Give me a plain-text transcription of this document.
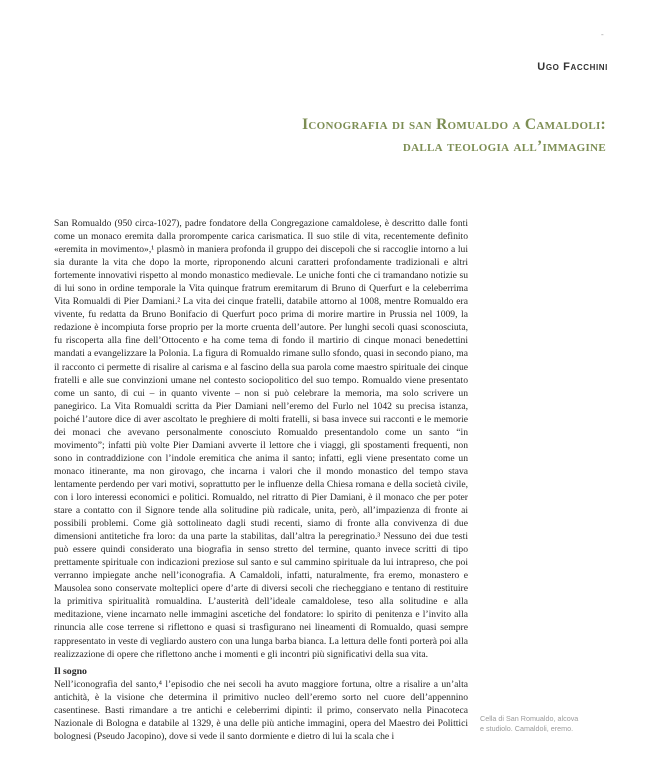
-
Ugo Facchini
Iconografia di san Romualdo a Camaldoli:
dalla teologia all’immagine

San Romualdo (950 circa-1027), padre fondatore della Congregazione camaldolese, è descritto dalle fonti come un monaco eremita dalla prorompente carica carismatica. Il suo stile di vita, recentemente definito «eremita in movimento»,¹ plasmò in maniera profonda il gruppo dei discepoli che si raccoglie intorno a lui sia durante la vita che dopo la morte, riproponendo alcuni caratteri profondamente tradizionali e altri fortemente innovativi rispetto al mondo monastico medievale. Le uniche fonti che ci tramandano notizie su di lui sono in ordine temporale la Vita quinque fratrum eremitarum di Bruno di Querfurt e la celeberrima Vita Romualdi di Pier Damiani.² La vita dei cinque fratelli, databile attorno al 1008, mentre Romualdo era vivente, fu redatta da Bruno Bonifacio di Querfurt poco prima di morire martire in Prussia nel 1009, la redazione è incompiuta forse proprio per la morte cruenta dell’autore. Per lunghi secoli quasi sconosciuta, fu riscoperta alla fine dell’Ottocento e ha come tema di fondo il martirio di cinque monaci benedettini mandati a evangelizzare la Polonia. La figura di Romualdo rimane sullo sfondo, quasi in secondo piano, ma il racconto ci permette di risalire al carisma e al fascino della sua parola come maestro spirituale dei cinque fratelli e alle sue convinzioni umane nel contesto sociopolitico del suo tempo. Romualdo viene presentato come un santo, di cui – in quanto vivente – non si può celebrare la memoria, ma solo scrivere un panegirico. La Vita Romualdi scritta da Pier Damiani nell’eremo del Furlo nel 1042 su precisa istanza, poiché l’autore dice di aver ascoltato le preghiere di molti fratelli, si basa invece sui racconti e le memorie dei monaci che avevano personalmente conosciuto Romualdo presentandolo come un santo “in movimento”; infatti più volte Pier Damiani avverte il lettore che i viaggi, gli spostamenti frequenti, non sono in contraddizione con l’indole eremitica che anima il santo; infatti, egli viene presentato come un monaco itinerante, ma non girovago, che incarna i valori che il mondo monastico del tempo stava lentamente perdendo per vari motivi, soprattutto per le influenze della Chiesa romana e della società civile, con i loro interessi economici e politici. Romualdo, nel ritratto di Pier Damiani, è il monaco che per poter stare a contatto con il Signore tende alla solitudine più radicale, unita, però, all’impazienza di fronte ai possibili problemi. Come già sottolineato dagli studi recenti, siamo di fronte alla convivenza di due dimensioni antitetiche fra loro: da una parte la stabilitas, dall’altra la peregrinatio.³ Nessuno dei due testi può essere quindi considerato una biografia in senso stretto del termine, quanto invece scritti di tipo prettamente spirituale con indicazioni preziose sul santo e sul cammino spirituale da lui intrapreso, che poi verranno impiegate anche nell’iconografia. A Camaldoli, infatti, naturalmente, fra eremo, monastero e Mausolea sono conservate molteplici opere d’arte di diversi secoli che riecheggiano e tentano di restituire la primitiva spiritualità romualdina. L’austerità dell’ideale camaldolese, teso alla solitudine e alla meditazione, viene incarnato nelle immagini ascetiche del fondatore: lo spirito di penitenza e l’invito alla rinuncia alle cose terrene si riflettono e quasi si trasfigurano nei lineamenti di Romualdo, quasi sempre rappresentato in veste di vegliardo austero con una lunga barba bianca. La lettura delle fonti porterà poi alla realizzazione di opere che riflettono anche i momenti e gli incontri più significativi della sua vita.

Il sogno

Nell’iconografia del santo,⁴ l’episodio che nei secoli ha avuto maggiore fortuna, oltre a risalire a un’alta antichità, è la visione che determina il primitivo nucleo dell’eremo sorto nel cuore dell’appennino casentinese. Basti rimandare a tre antichi e celeberrimi dipinti: il primo, conservato nella Pinacoteca Nazionale di Bologna e databile al 1329, è una delle più antiche immagini, opera del Maestro dei Polittici bolognesi (Pseudo Jacopino), dove si vede il santo dormiente e dietro di lui la scala che i

Cella di San Romualdo, alcova
e studiolo. Camaldoli, eremo.
